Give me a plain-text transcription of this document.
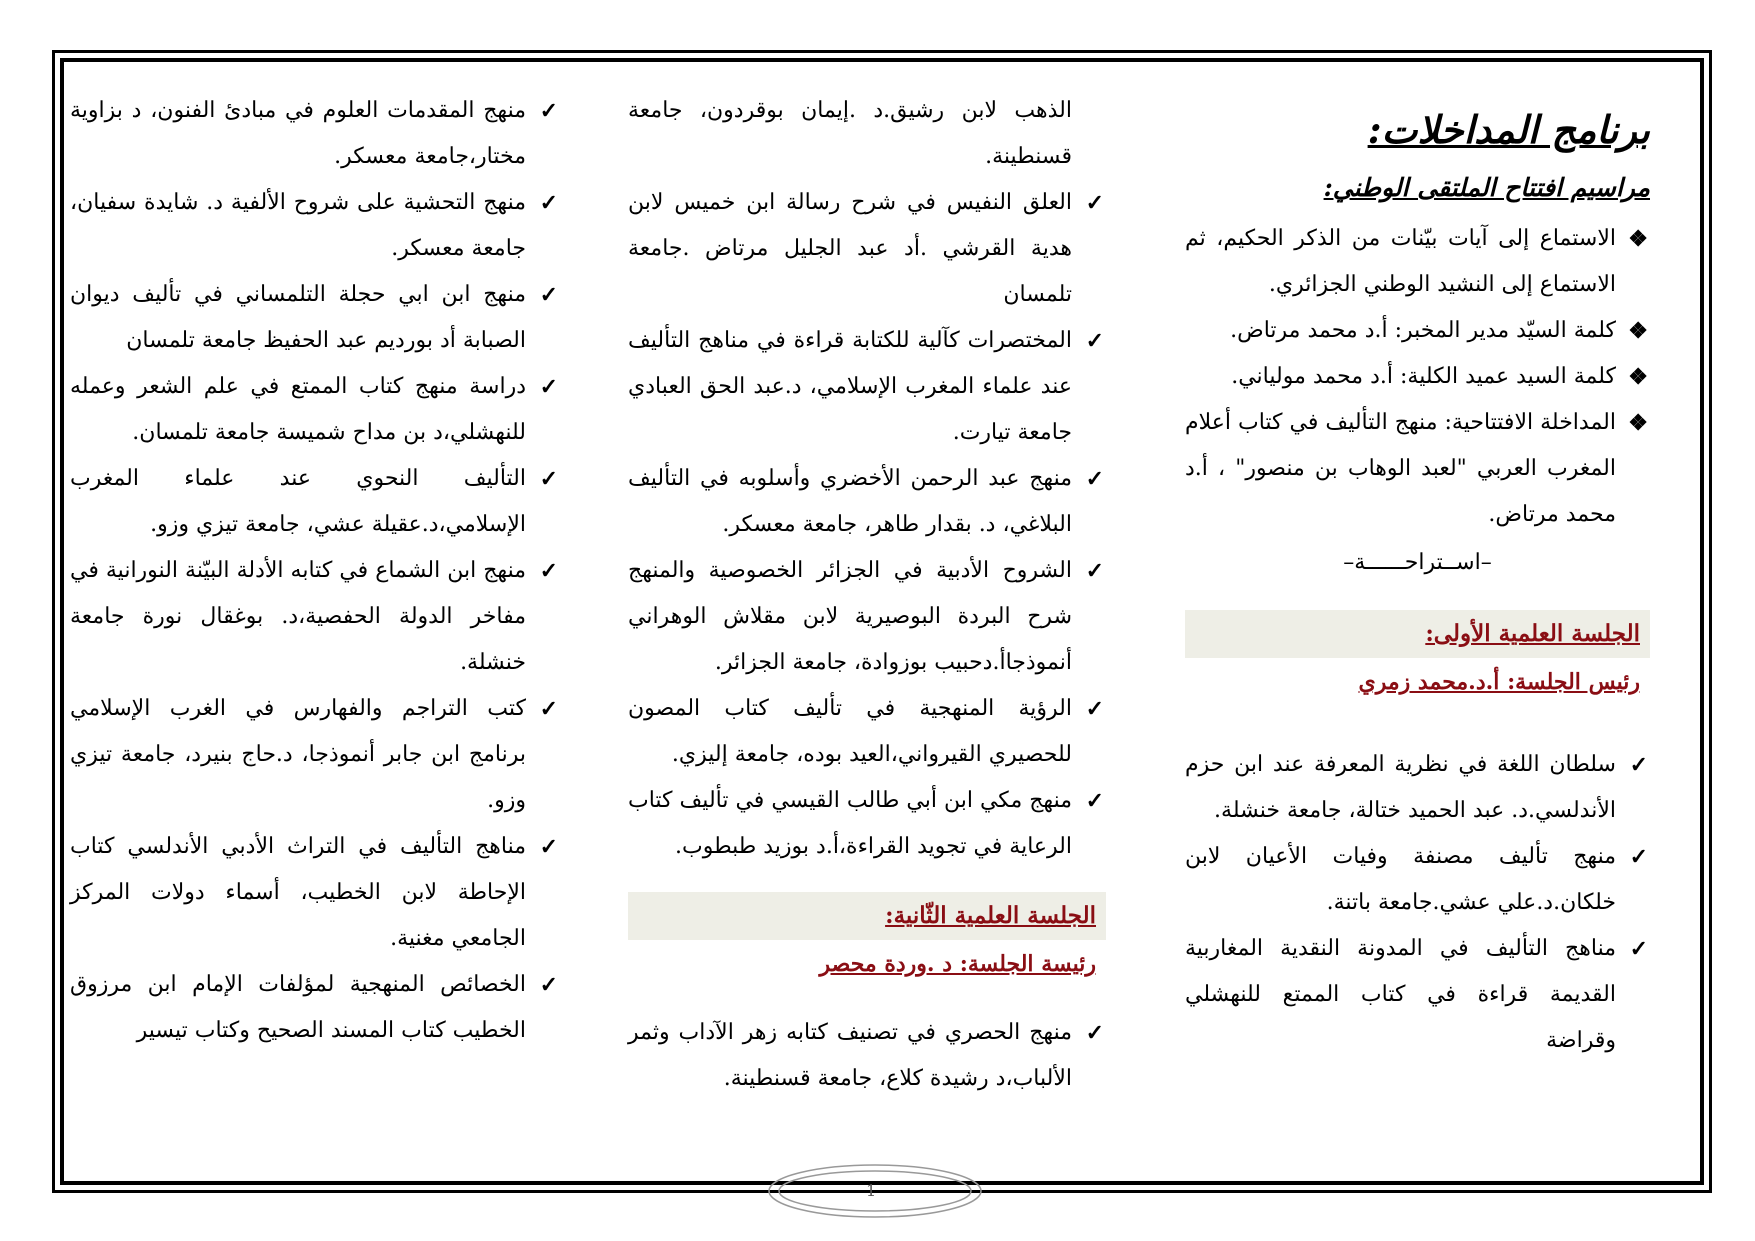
برنامج المداخلات:
مراسيم افتتاح الملتقى الوطني:
❖
الاستماع إلى آيات بيّنات من الذكر الحكيم، ثم الاستماع إلى النشيد الوطني الجزائري.
❖
كلمة السيّد مدير المخبر: أ.د محمد مرتاض.
❖
كلمة السيد عميد الكلية: أ.د محمد مولياني.
❖
المداخلة الافتتاحية: منهج التأليف في كتاب أعلام المغرب العربي "لعبد الوهاب بن منصور" ، أ.د محمد مرتاض.
–اســتراحــــــة–
الجلسة العلمية الأولى:
رئيس الجلسة: أ.د.محمد زمري
✓
سلطان اللغة في نظرية المعرفة عند ابن حزم الأندلسي.د. عبد الحميد ختالة، جامعة خنشلة.
✓
منهج تأليف مصنفة وفيات الأعيان لابن خلكان.د.علي عشي.جامعة باتنة.
✓
مناهج التأليف في المدونة النقدية المغاربية القديمة قراءة في كتاب الممتع للنهشلي وقراضة
الذهب لابن رشيق.د .إيمان بوقردون، جامعة قسنطينة.
✓
العلق النفيس في شرح رسالة ابن خميس لابن هدية القرشي .أد عبد الجليل مرتاض .جامعة تلمسان
✓
المختصرات كآلية للكتابة قراءة في مناهج التأليف عند علماء المغرب الإسلامي، د.عبد الحق العبادي جامعة تيارت.
✓
منهج عبد الرحمن الأخضري وأسلوبه في التأليف البلاغي، د. بقدار طاهر، جامعة معسكر.
✓
الشروح الأدبية في الجزائر الخصوصية والمنهج شرح البردة البوصيرية لابن مقلاش الوهراني أنموذجاأ.دحبيب بوزوادة، جامعة الجزائر.
✓
الرؤية المنهجية في تأليف كتاب المصون للحصيري القيرواني،العيد بوده، جامعة إليزي.
✓
منهج مكي ابن أبي طالب القيسي في تأليف كتاب الرعاية في تجويد القراءة،أ.د بوزيد طبطوب.
الجلسة العلمية الثّانية:
رئيسة الجلسة: د .وردة محصر
✓
منهج الحصري في تصنيف كتابه زهر الآداب وثمر الألباب،د رشيدة كلاع، جامعة قسنطينة.
✓
منهج المقدمات العلوم في مبادئ الفنون، د بزاوية مختار،جامعة معسكر.
✓
منهج التحشية على شروح الألفية د. شايدة سفيان، جامعة معسكر.
✓
منهج ابن ابي حجلة التلمساني في تأليف ديوان الصبابة أد بورديم عبد الحفيظ جامعة تلمسان
✓
دراسة منهج كتاب الممتع في علم الشعر وعمله للنهشلي،د بن مداح شميسة جامعة تلمسان.
✓
التأليف النحوي عند علماء المغرب الإسلامي،د.عقيلة عشي، جامعة تيزي وزو.
✓
منهج ابن الشماع في كتابه الأدلة البيّنة النورانية في مفاخر الدولة الحفصية،د. بوغقال نورة جامعة خنشلة.
✓
كتب التراجم والفهارس في الغرب الإسلامي برنامج ابن جابر أنموذجا، د.حاج بنيرد، جامعة تيزي وزو.
✓
مناهج التأليف في التراث الأدبي الأندلسي كتاب الإحاطة لابن الخطيب، أسماء دولات المركز الجامعي مغنية.
✓
الخصائص المنهجية لمؤلفات الإمام ابن مرزوق الخطيب كتاب المسند الصحيح وكتاب تيسير
1
